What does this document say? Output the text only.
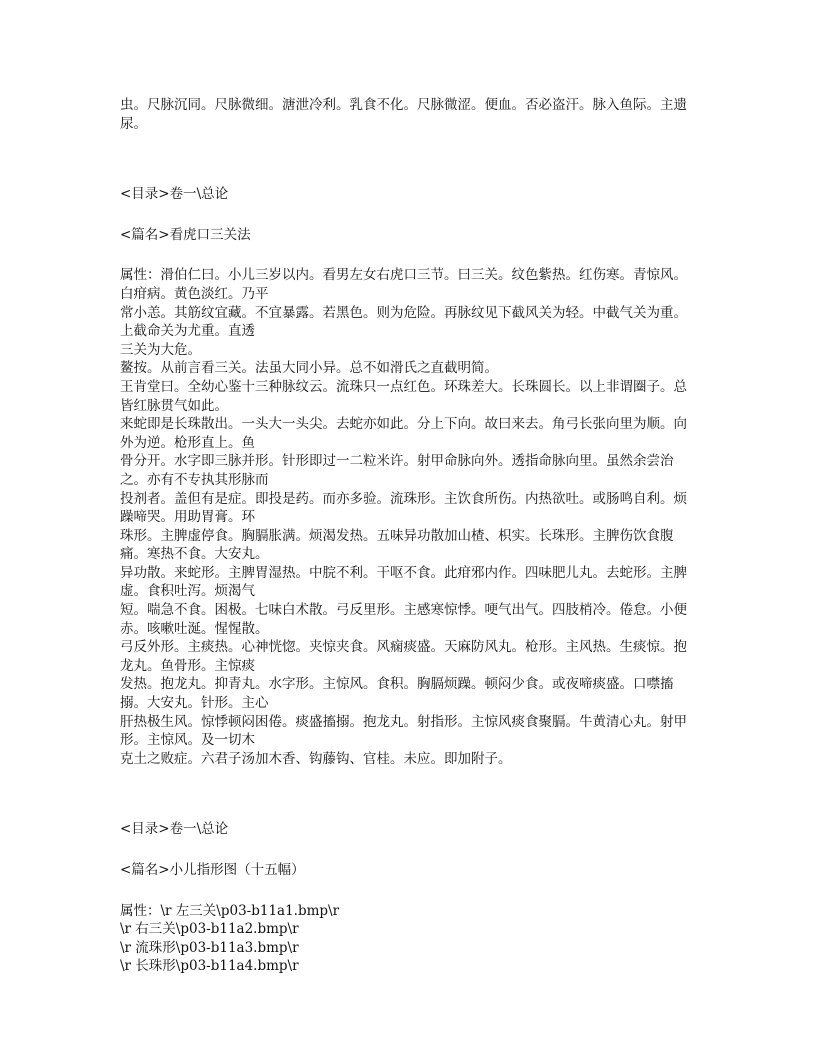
虫。尺脉沉同。尺脉微细。溏泄冷利。乳食不化。尺脉微涩。便血。否必盗汗。脉入鱼际。主遗尿。

<目录>卷一\总论

<篇名>看虎口三关法

属性：滑伯仁曰。小儿三岁以内。看男左女右虎口三节。曰三关。纹色紫热。红伤寒。青惊风。白疳病。黄色淡红。乃平
常小恙。其筋纹宜藏。不宜暴露。若黑色。则为危险。再脉纹见下截风关为轻。中截气关为重。上截命关为尤重。直透
三关为大危。
鳌按。从前言看三关。法虽大同小异。总不如滑氏之直截明简。
王肯堂曰。全幼心鉴十三种脉纹云。流珠只一点红色。环珠差大。长珠圆长。以上非谓圈子。总皆红脉贯气如此。
来蛇即是长珠散出。一头大一头尖。去蛇亦如此。分上下向。故曰来去。角弓长张向里为顺。向外为逆。枪形直上。鱼
骨分开。水字即三脉并形。针形即过一二粒米许。射甲命脉向外。透指命脉向里。虽然余尝治之。亦有不专执其形脉而
投剂者。盖但有是症。即投是药。而亦多验。流珠形。主饮食所伤。内热欲吐。或肠鸣自利。烦躁啼哭。用助胃膏。环
珠形。主脾虚停食。胸膈胀满。烦渴发热。五味异功散加山楂、枳实。长珠形。主脾伤饮食腹痛。寒热不食。大安丸。
异功散。来蛇形。主脾胃湿热。中脘不利。干呕不食。此疳邪内作。四味肥儿丸。去蛇形。主脾虚。食积吐泻。烦渴气
短。喘急不食。困极。七味白术散。弓反里形。主感寒惊悸。哽气出气。四肢梢冷。倦怠。小便赤。咳嗽吐涎。惺惺散。
弓反外形。主痰热。心神恍惚。夹惊夹食。风痫痰盛。天麻防风丸。枪形。主风热。生痰惊。抱龙丸。鱼骨形。主惊痰
发热。抱龙丸。抑青丸。水字形。主惊风。食积。胸膈烦躁。顿闷少食。或夜啼痰盛。口噤搐搦。大安丸。针形。主心
肝热极生风。惊悸顿闷困倦。痰盛搐搦。抱龙丸。射指形。主惊风痰食聚膈。牛黄清心丸。射甲形。主惊风。及一切木
克土之败症。六君子汤加木香、钩藤钩、官桂。未应。即加附子。

<目录>卷一\总论

<篇名>小儿指形图（十五幅）

属性：\r 左三关\p03-b11a1.bmp\r
\r 右三关\p03-b11a2.bmp\r
\r 流珠形\p03-b11a3.bmp\r
\r 长珠形\p03-b11a4.bmp\r
